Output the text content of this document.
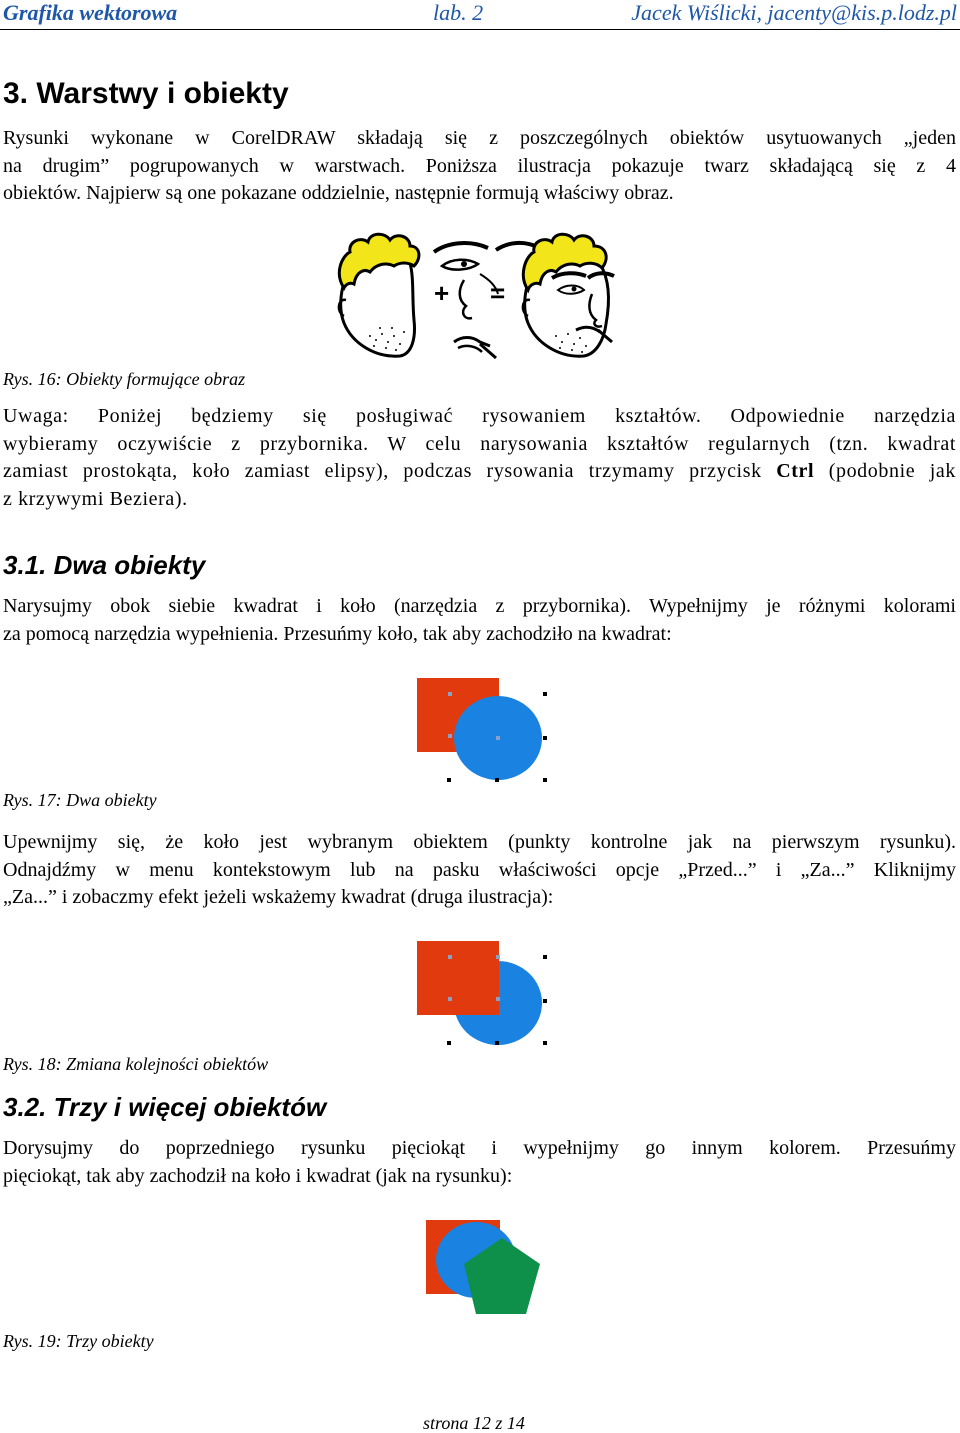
Grafika wektorowa	lab. 2	Jacek Wiślicki, jacenty@kis.p.lodz.pl
3. Warstwy i obiekty

Rysunki wykonane w CorelDRAW składają się z poszczególnych obiektów usytuowanych „jeden
na drugim” pogrupowanych w warstwach. Poniższa ilustracja pokazuje twarz składającą się z 4
obiektów. Najpierw są one pokazane oddzielnie, następnie formują właściwy obraz.

+ =
Rys. 16: Obiekty formujące obraz

Uwaga: Poniżej będziemy się posługiwać rysowaniem kształtów. Odpowiednie narzędzia
wybieramy oczywiście z przybornika. W celu narysowania kształtów regularnych (tzn. kwadrat
zamiast prostokąta, koło zamiast elipsy), podczas rysowania trzymamy przycisk Ctrl (podobnie jak
z krzywymi Beziera).

3.1. Dwa obiekty

Narysujmy obok siebie kwadrat i koło (narzędzia z przybornika). Wypełnijmy je różnymi kolorami
za pomocą narzędzia wypełnienia. Przesuńmy koło, tak aby zachodziło na kwadrat:

Rys. 17: Dwa obiekty

Upewnijmy się, że koło jest wybranym obiektem (punkty kontrolne jak na pierwszym rysunku).
Odnajdźmy w menu kontekstowym lub na pasku właściwości opcje „Przed...” i „Za...” Kliknijmy
„Za...” i zobaczmy efekt jeżeli wskażemy kwadrat (druga ilustracja):

Rys. 18: Zmiana kolejności obiektów
3.2. Trzy i więcej obiektów

Dorysujmy do poprzedniego rysunku pięciokąt i wypełnijmy go innym kolorem. Przesuńmy
pięciokąt, tak aby zachodził na koło i kwadrat (jak na rysunku):

Rys. 19: Trzy obiekty
strona 12 z 14
